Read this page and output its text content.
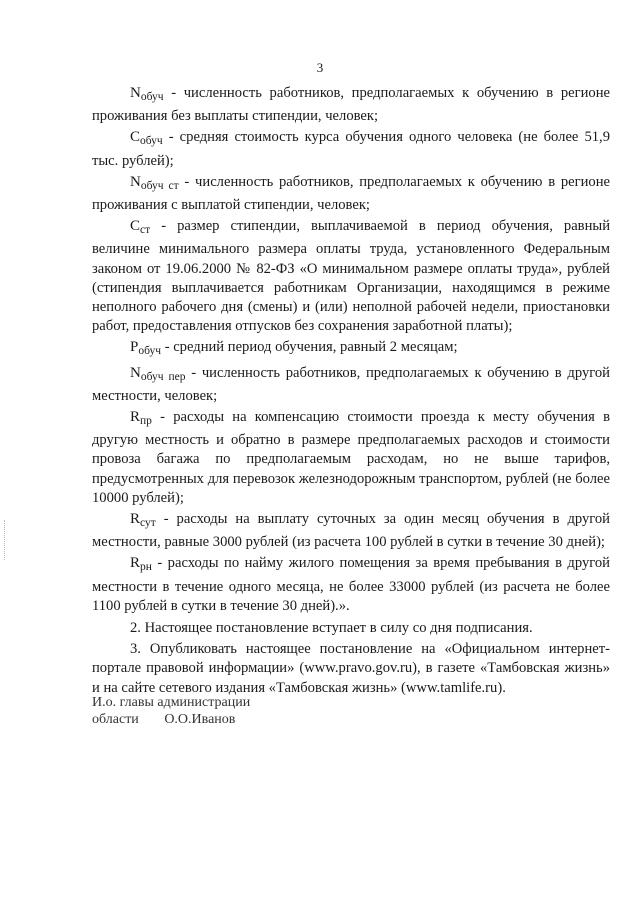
3

$N_{обуч}$ - численность работников, предполагаемых к обучению в регионе проживания без выплаты стипендии, человек;

$C_{обуч}$ - средняя стоимость курса обучения одного человека (не более 51,9 тыс. рублей);

$N_{обуч ст}$ - численность работников, предполагаемых к обучению в регионе проживания с выплатой стипендии, человек;

$C_{ст}$ - размер стипендии, выплачиваемой в период обучения, равный величине минимального размера оплаты труда, установленного Федеральным законом от 19.06.2000 № 82-ФЗ «О минимальном размере оплаты труда», рублей (стипендия выплачивается работникам Организации, находящимся в режиме неполного рабочего дня (смены) и (или) неполной рабочей недели, приостановки работ, предоставления отпусков без сохранения заработной платы);

$P_{обуч}$ - средний период обучения, равный 2 месяцам;

$N_{обуч пер}$ - численность работников, предполагаемых к обучению в другой местности, человек;

$R_{пр}$ - расходы на компенсацию стоимости проезда к месту обучения в другую местность и обратно в размере предполагаемых расходов и стоимости провоза багажа по предполагаемым расходам, но не выше тарифов, предусмотренных для перевозок железнодорожным транспортом, рублей (не более 10000 рублей);

$R_{сут}$ - расходы на выплату суточных за один месяц обучения в другой местности, равные 3000 рублей (из расчета 100 рублей в сутки в течение 30 дней);

$R_{рн}$ - расходы по найму жилого помещения за время пребывания в другой местности в течение одного месяца, не более 33000 рублей (из расчета не более 1100 рублей в сутки в течение 30 дней).».

2. Настоящее постановление вступает в силу со дня подписания.

3. Опубликовать настоящее постановление на «Официальном интернет-портале правовой информации» (www.pravo.gov.ru), в газете «Тамбовская жизнь» и на сайте сетевого издания «Тамбовская жизнь» (www.tamlife.ru).

И.о. главы администрации
области О.О.Иванов
